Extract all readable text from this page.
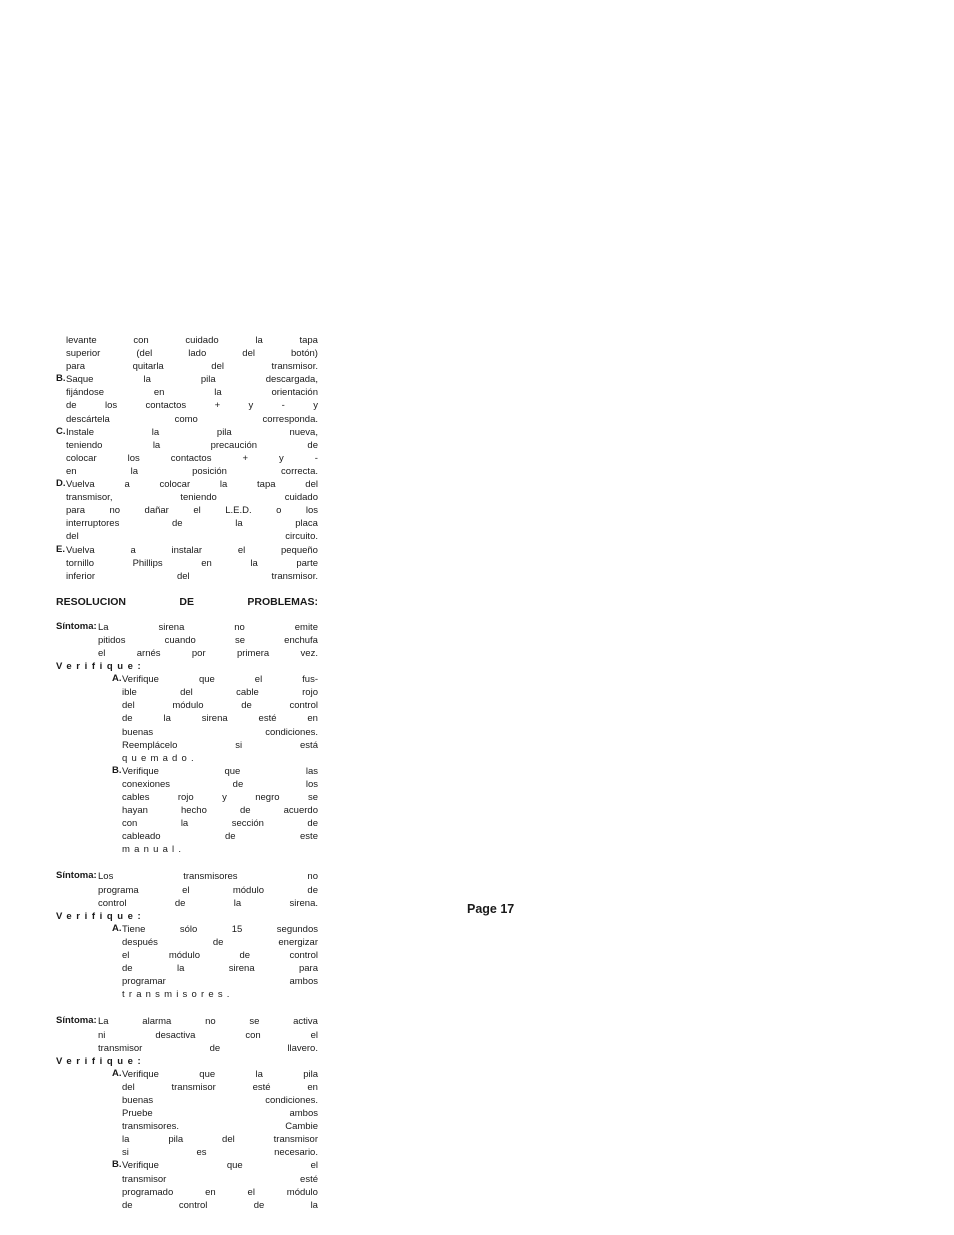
levante	con	cuidado	la	tapa
superior	(del	lado	del	botón)
para	quitarla	del	transmisor.
B. Saque	la	pila	descargada,
fijándose	en	la	orientación
de	los	contactos	+	y	-	y
descártela	como	corresponda.
C. Instale	la	pila	nueva,
teniendo	la	precaución	de
colocar	los	contactos	+	y	-
en	la	posición	correcta.
D. Vuelva	a	colocar	la	tapa	del
transmisor,	teniendo	cuidado
para	no	dañar	el	L.E.D.	o	los
interruptores	de	la	placa
del	circuito.
E. Vuelva	a	instalar	el	pequeño
tornillo	Phillips	en	la	parte
inferior	del	transmisor.
RESOLUCION	DE	PROBLEMAS:
Síntoma: La	sirena	no	emite
pitidos	cuando	se	enchufa
el	arnés	por	primera	vez.
Verifique:
A. Verifique	que	el	fus-
ible	del	cable	rojo
del	módulo	de	control
de	la	sirena	esté	en
buenas	condiciones.
Reemplácelo	si	está
quemado.
B. Verifique	que	las
conexiones	de	los
cables	rojo	y	negro	se
hayan	hecho	de	acuerdo
con	la	sección	de
cableado	de	este
manual.
Síntoma: Los	transmisores	no
programa	el	módulo	de
control	de	la	sirena.
Verifique:
A. Tiene	sólo	15	segundos
después	de	energizar
el	módulo	de	control
de	la	sirena	para
programar	ambos
transmisores.
Síntoma: La	alarma	no	se	activa
ni	desactiva	con	el
transmisor	de	llavero.
Verifique:
A. Verifique	que	la	pila
del	transmisor	esté	en
buenas	condiciones.
Pruebe	ambos
transmisores.	Cambie
la	pila	del	transmisor
si	es	necesario.
B. Verifique	que	el
transmisor	esté
programado	en	el	módulo
de	control	de	la
Page 17
